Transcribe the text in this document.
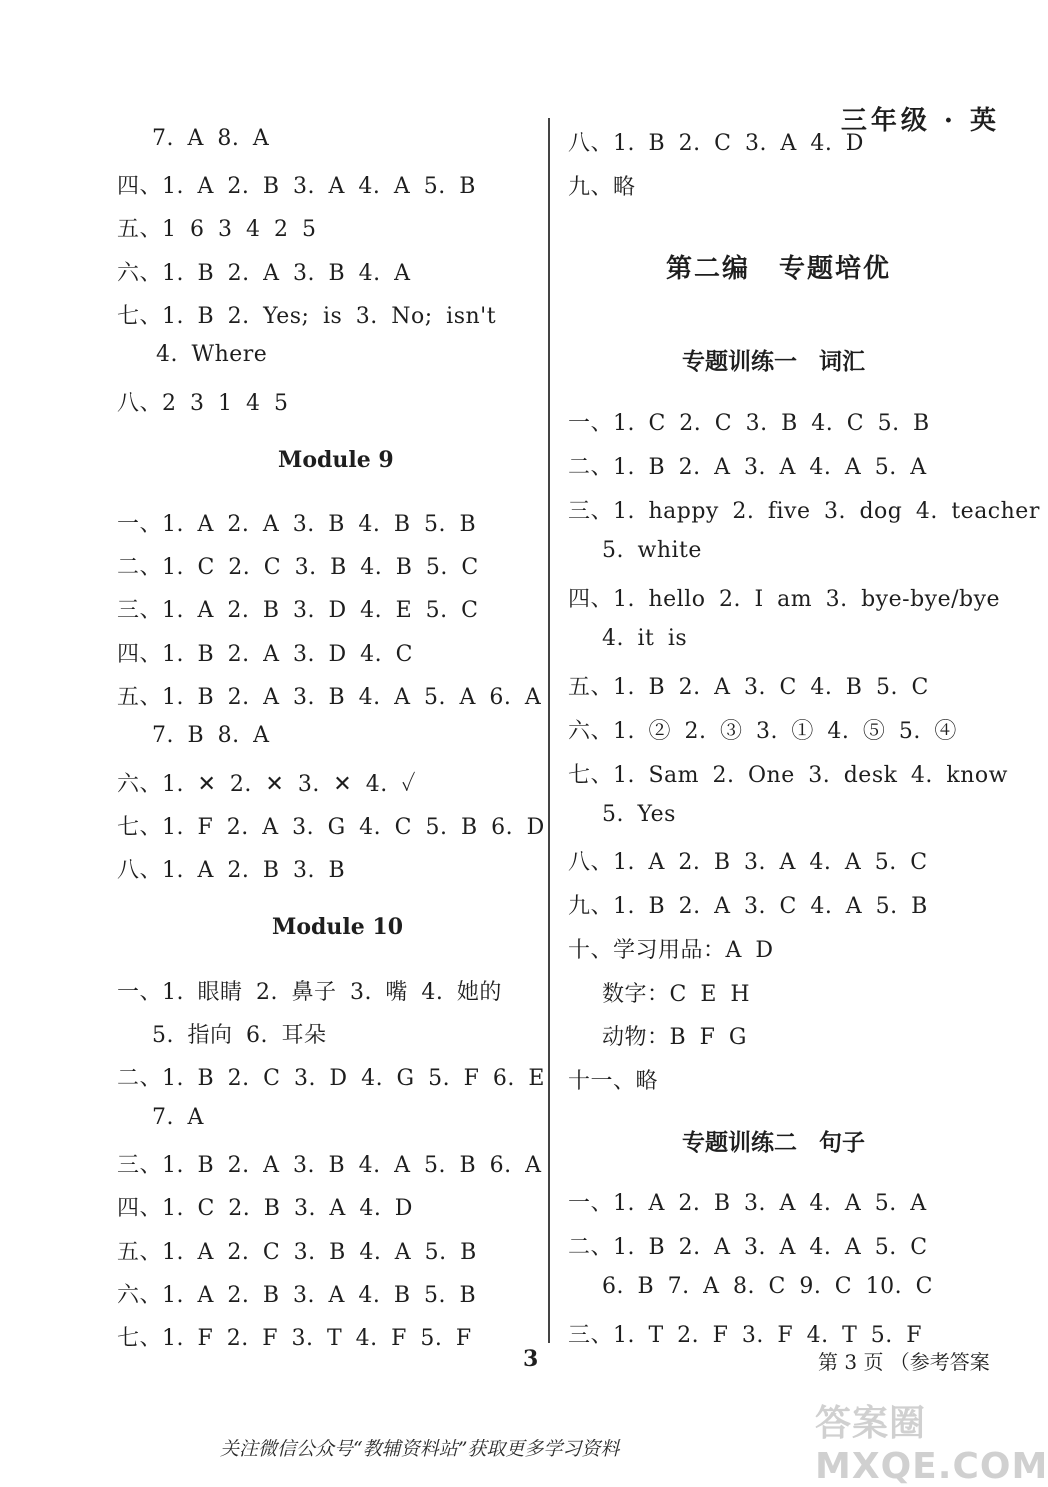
三年级 · 英
7. A 8. A
四、1. A 2. B 3. A 4. A 5. B
五、1 6 3 4 2 5
六、1. B 2. A 3. B 4. A
七、1. B 2. Yes; is 3. No; isn't
4. Where
八、2 3 1 4 5
Module 9
一、1. A 2. A 3. B 4. B 5. B
二、1. C 2. C 3. B 4. B 5. C
三、1. A 2. B 3. D 4. E 5. C
四、1. B 2. A 3. D 4. C
五、1. B 2. A 3. B 4. A 5. A 6. A
7. B 8. A
六、1. ✕ 2. ✕ 3. ✕ 4. ✓
七、1. F 2. A 3. G 4. C 5. B 6. D
八、1. A 2. B 3. B
Module 10
一、1. 眼睛 2. 鼻子 3. 嘴 4. 她的
5. 指向 6. 耳朵
二、1. B 2. C 3. D 4. G 5. F 6. E
7. A
三、1. B 2. A 3. B 4. A 5. B 6. A
四、1. C 2. B 3. A 4. D
五、1. A 2. C 3. B 4. A 5. B
六、1. A 2. B 3. A 4. B 5. B
七、1. F 2. F 3. T 4. F 5. F
八、1. B 2. C 3. A 4. D
九、略
第二编 专题培优
专题训练一 词汇
一、1. C 2. C 3. B 4. C 5. B
二、1. B 2. A 3. A 4. A 5. A
三、1. happy 2. five 3. dog 4. teacher
5. white
四、1. hello 2. I am 3. bye-bye/bye
4. it is
五、1. B 2. A 3. C 4. B 5. C
六、1. ② 2. ③ 3. ① 4. ⑤ 5. ④
七、1. Sam 2. One 3. desk 4. know
5. Yes
八、1. A 2. B 3. A 4. A 5. C
九、1. B 2. A 3. C 4. A 5. B
十、学习用品：A D
数字：C E H
动物：B F G
十一、略
专题训练二 句子
一、1. A 2. B 3. A 4. A 5. A
二、1. B 2. A 3. A 4. A 5. C
6. B 7. A 8. C 9. C 10. C
三、1. T 2. F 3. F 4. T 5. F
3	第 3 页 （参考答案
答案圈 MXQE.COM
关注微信公众号“教辅资料站”获取更多学习资料
